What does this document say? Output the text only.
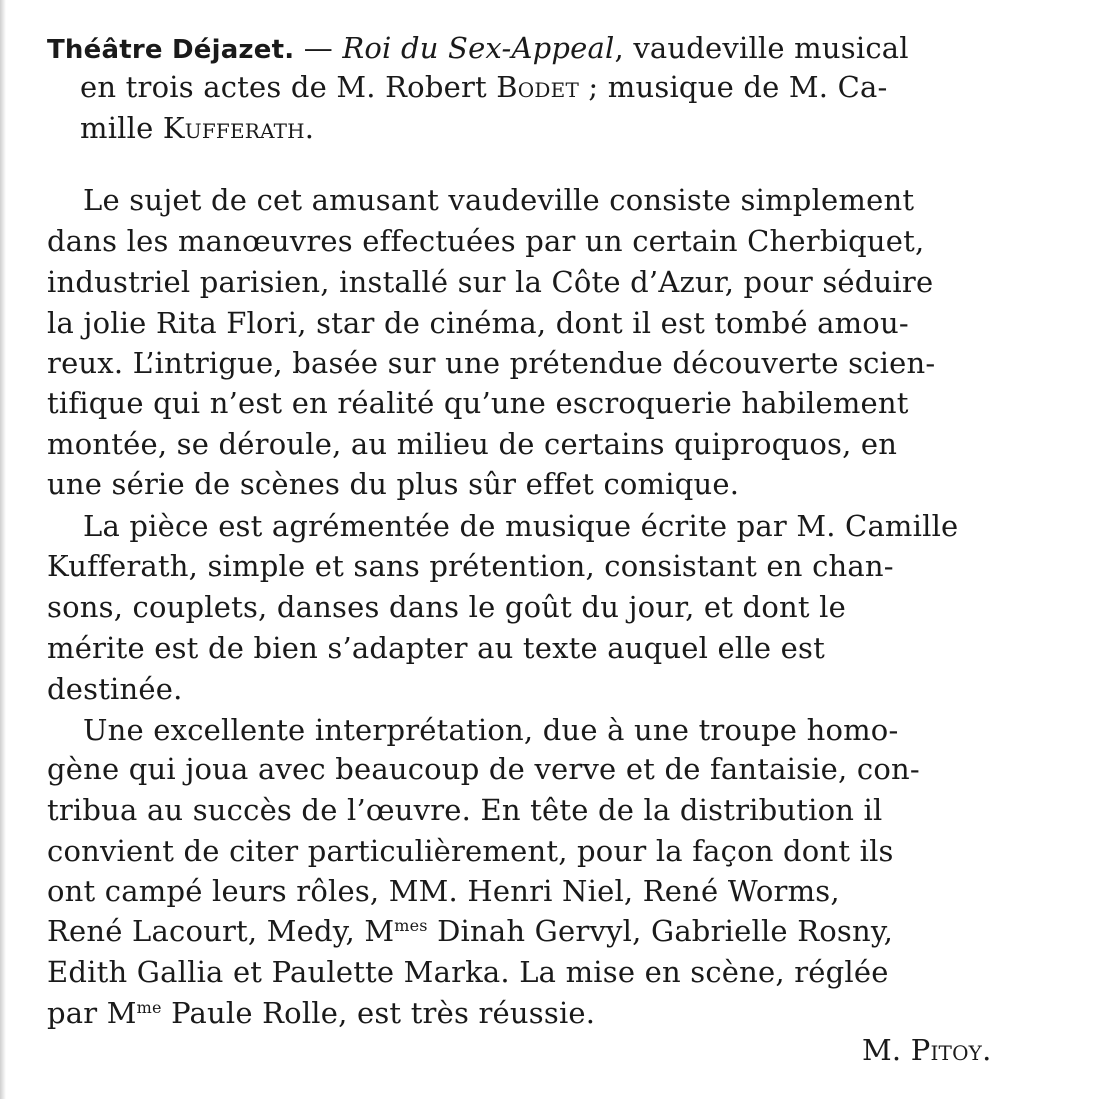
Théâtre Déjazet. — Roi du Sex-Appeal, vaudeville musical
en trois actes de M. Robert Bodet ; musique de M. Ca-
mille Kufferath.
Le sujet de cet amusant vaudeville consiste simplement
dans les manœuvres effectuées par un certain Cherbiquet,
industriel parisien, installé sur la Côte d’Azur, pour séduire
la jolie Rita Flori, star de cinéma, dont il est tombé amou-
reux. L’intrigue, basée sur une prétendue découverte scien-
tifique qui n’est en réalité qu’une escroquerie habilement
montée, se déroule, au milieu de certains quiproquos, en
une série de scènes du plus sûr effet comique.
La pièce est agrémentée de musique écrite par M. Camille
Kufferath, simple et sans prétention, consistant en chan-
sons, couplets, danses dans le goût du jour, et dont le
mérite est de bien s’adapter au texte auquel elle est
destinée.
Une excellente interprétation, due à une troupe homo-
gène qui joua avec beaucoup de verve et de fantaisie, con-
tribua au succès de l’œuvre. En tête de la distribution il
convient de citer particulièrement, pour la façon dont ils
ont campé leurs rôles, MM. Henri Niel, René Worms,
René Lacourt, Medy, $M^{mes}$ Dinah Gervyl, Gabrielle Rosny,
Edith Gallia et Paulette Marka. La mise en scène, réglée
par $M^{me}$ Paule Rolle, est très réussie.
M. Pitoy.
